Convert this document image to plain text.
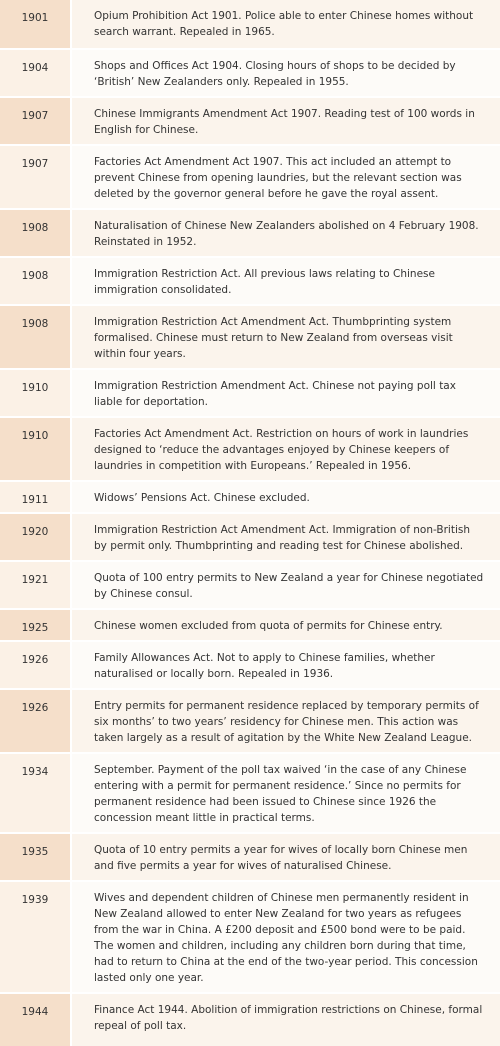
1901	Opium Prohibition Act 1901. Police able to enter Chinese homes without search warrant. Repealed in 1965.
1904	Shops and Offices Act 1904. Closing hours of shops to be decided by ‘British’ New Zealanders only. Repealed in 1955.
1907	Chinese Immigrants Amendment Act 1907. Reading test of 100 words in English for Chinese.
1907	Factories Act Amendment Act 1907. This act included an attempt to prevent Chinese from opening laundries, but the relevant section was deleted by the governor general before he gave the royal assent.
1908	Naturalisation of Chinese New Zealanders abolished on 4 February 1908. Reinstated in 1952.
1908	Immigration Restriction Act. All previous laws relating to Chinese immigration consolidated.
1908	Immigration Restriction Act Amendment Act. Thumbprinting system formalised. Chinese must return to New Zealand from overseas visit within four years.
1910	Immigration Restriction Amendment Act. Chinese not paying poll tax liable for deportation.
1910	Factories Act Amendment Act. Restriction on hours of work in laundries designed to ‘reduce the advantages enjoyed by Chinese keepers of laundries in competition with Europeans.’ Repealed in 1956.
1911	Widows’ Pensions Act. Chinese excluded.
1920	Immigration Restriction Act Amendment Act. Immigration of non-British by permit only. Thumbprinting and reading test for Chinese abolished.
1921	Quota of 100 entry permits to New Zealand a year for Chinese negotiated by Chinese consul.
1925	Chinese women excluded from quota of permits for Chinese entry.
1926	Family Allowances Act. Not to apply to Chinese families, whether naturalised or locally born. Repealed in 1936.
1926	Entry permits for permanent residence replaced by temporary permits of six months’ to two years’ residency for Chinese men. This action was taken largely as a result of agitation by the White New Zealand League.
1934	September. Payment of the poll tax waived ‘in the case of any Chinese entering with a permit for permanent residence.’ Since no permits for permanent residence had been issued to Chinese since 1926 the concession meant little in practical terms.
1935	Quota of 10 entry permits a year for wives of locally born Chinese men and five permits a year for wives of naturalised Chinese.
1939	Wives and dependent children of Chinese men permanently resident in New Zealand allowed to enter New Zealand for two years as refugees from the war in China. A £200 deposit and £500 bond were to be paid. The women and children, including any children born during that time, had to return to China at the end of the two-year period. This concession lasted only one year.
1944	Finance Act 1944. Abolition of immigration restrictions on Chinese, formal repeal of poll tax.
